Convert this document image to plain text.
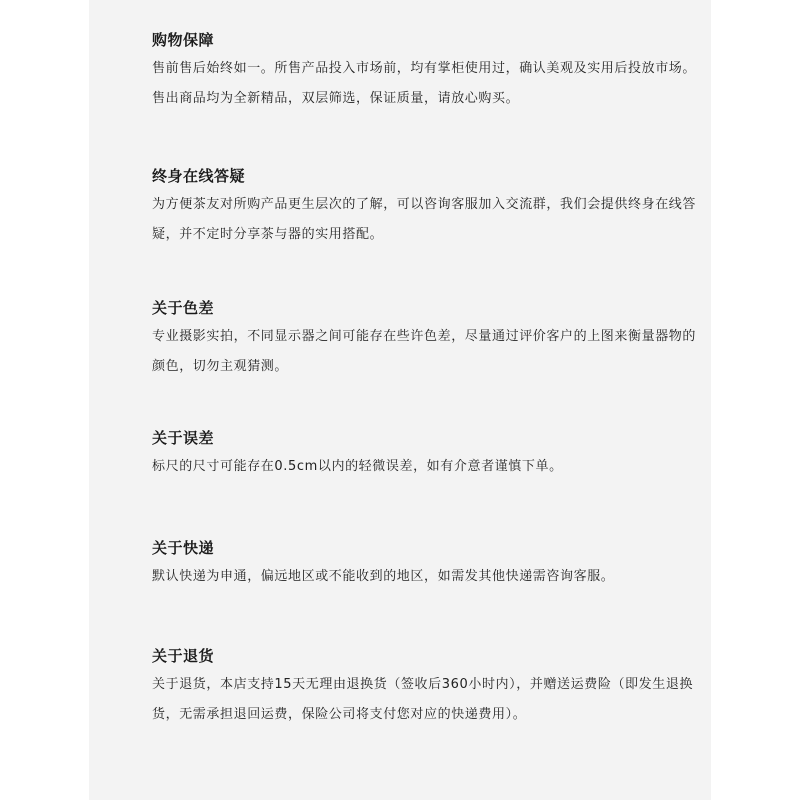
购物保障

售前售后始终如一。所售产品投入市场前，均有掌柜使用过，确认美观及实用后投放市场。售出商品均为全新精品，双层筛选，保证质量，请放心购买。

终身在线答疑

为方便茶友对所购产品更生层次的了解，可以咨询客服加入交流群，我们会提供终身在线答疑，并不定时分享茶与器的实用搭配。

关于色差

专业摄影实拍，不同显示器之间可能存在些许色差，尽量通过评价客户的上图来衡量器物的颜色，切勿主观猜测。

关于误差

标尺的尺寸可能存在0.5cm以内的轻微误差，如有介意者谨慎下单。

关于快递

默认快递为申通，偏远地区或不能收到的地区，如需发其他快递需咨询客服。

关于退货

关于退货，本店支持15天无理由退换货（签收后360小时内），并赠送运费险（即发生退换货，无需承担退回运费，保险公司将支付您对应的快递费用）。
